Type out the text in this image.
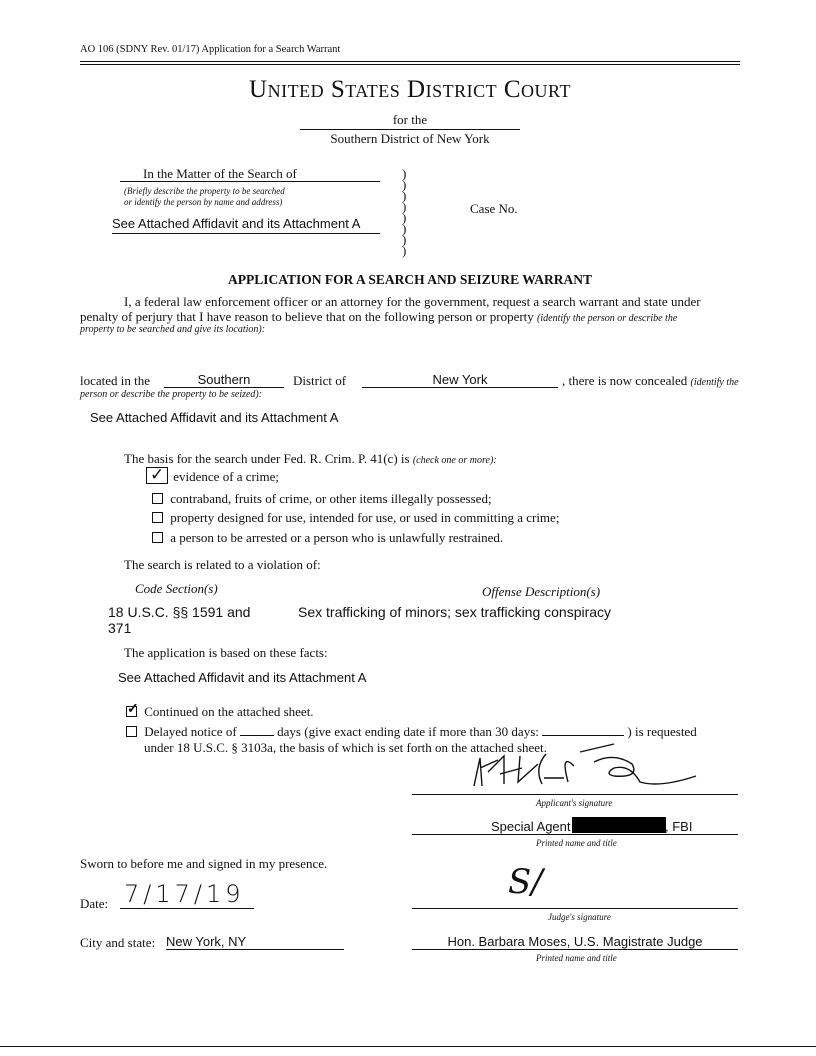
AO 106 (SDNY Rev. 01/17) Application for a Search Warrant
United States District Court
for the
Southern District of New York
In the Matter of the Search of
(Briefly describe the property to be searched
or identify the person by name and address)
See Attached Affidavit and its Attachment A
)
)
)
)
)
)
)
)
Case No.
APPLICATION FOR A SEARCH AND SEIZURE WARRANT
I, a federal law enforcement officer or an attorney for the government, request a search warrant and state under
penalty of perjury that I have reason to believe that on the following person or property (identify the person or describe the
property to be searched and give its location):
located in the	Southern	District of	New York	, there is now concealed (identify the
person or describe the property to be seized):
See Attached Affidavit and its Attachment A
The basis for the search under Fed. R. Crim. P. 41(c) is (check one or more):
✓ evidence of a crime;
contraband, fruits of crime, or other items illegally possessed;
property designed for use, intended for use, or used in committing a crime;
a person to be arrested or a person who is unlawfully restrained.
The search is related to a violation of:
Code Section(s)	Offense Description(s)
18 U.S.C. §§ 1591 and
371
Sex trafficking of minors; sex trafficking conspiracy
The application is based on these facts:
See Attached Affidavit and its Attachment A
✓ Continued on the attached sheet.
Delayed notice of	days (give exact ending date if more than 30 days:	) is requested
under 18 U.S.C. § 3103a, the basis of which is set forth on the attached sheet.
Applicant's signature
Special Agent	, FBI
Printed name and title
Sworn to before me and signed in my presence.
Date: 7/17/19	S/
Judge's signature
City and state: New York, NY	Hon. Barbara Moses, U.S. Magistrate Judge
Printed name and title
